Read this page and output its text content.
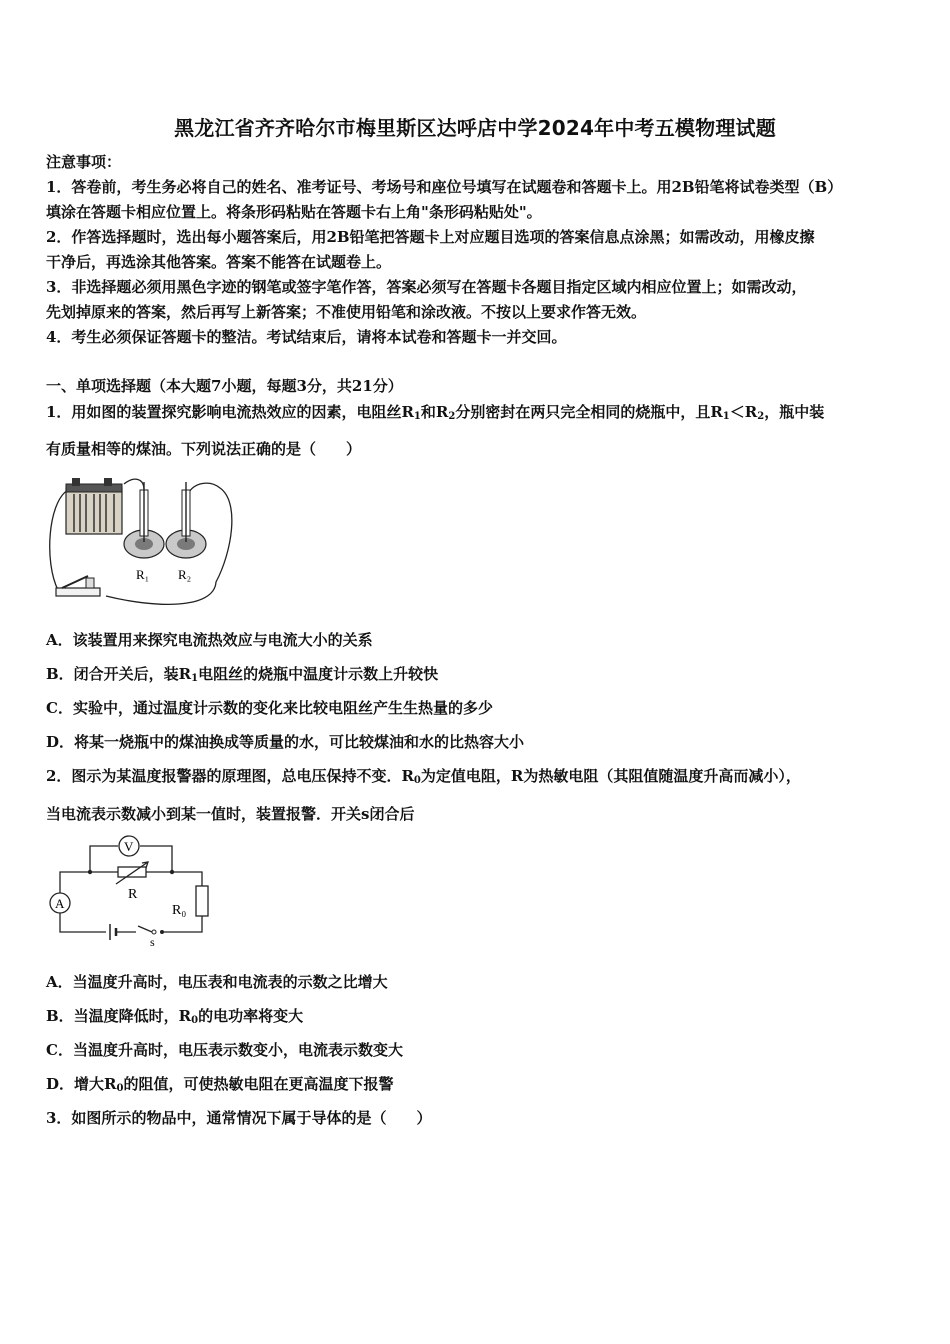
黑龙江省齐齐哈尔市梅里斯区达呼店中学2024年中考五模物理试题
注意事项：
1．答卷前，考生务必将自己的姓名、准考证号、考场号和座位号填写在试题卷和答题卡上。用2B铅笔将试卷类型（B）
填涂在答题卡相应位置上。将条形码粘贴在答题卡右上角"条形码粘贴处"。
2．作答选择题时，选出每小题答案后，用2B铅笔把答题卡上对应题目选项的答案信息点涂黑；如需改动，用橡皮擦
干净后，再选涂其他答案。答案不能答在试题卷上。
3．非选择题必须用黑色字迹的钢笔或签字笔作答，答案必须写在答题卡各题目指定区域内相应位置上；如需改动，
先划掉原来的答案，然后再写上新答案；不准使用铅笔和涂改液。不按以上要求作答无效。
4．考生必须保证答题卡的整洁。考试结束后，请将本试卷和答题卡一并交回。
一、单项选择题（本大题7小题，每题3分，共21分）
1．用如图的装置探究影响电流热效应的因素，电阻丝$R_1$和$R_2$分别密封在两只完全相同的烧瓶中，且$R_1<R_2$，瓶中装
有质量相等的煤油。下列说法正确的是（　　）
R₁ R₂
A．该装置用来探究电流热效应与电流大小的关系
B．闭合开关后，装$R_1$电阻丝的烧瓶中温度计示数上升较快
C．实验中，通过温度计示数的变化来比较电阻丝产生生热量的多少
D．将某一烧瓶中的煤油换成等质量的水，可比较煤油和水的比热容大小
2．图示为某温度报警器的原理图，总电压保持不变．$R_0$为定值电阻，R为热敏电阻（其阻值随温度升高而减小），
当电流表示数减小到某一值时，装置报警．开关s闭合后
V
A
R
R₀
s
A．当温度升高时，电压表和电流表的示数之比增大
B．当温度降低时，$R_0$的电功率将变大
C．当温度升高时，电压表示数变小，电流表示数变大
D．增大$R_0$的阻值，可使热敏电阻在更高温度下报警
3．如图所示的物品中，通常情况下属于导体的是（　　）
